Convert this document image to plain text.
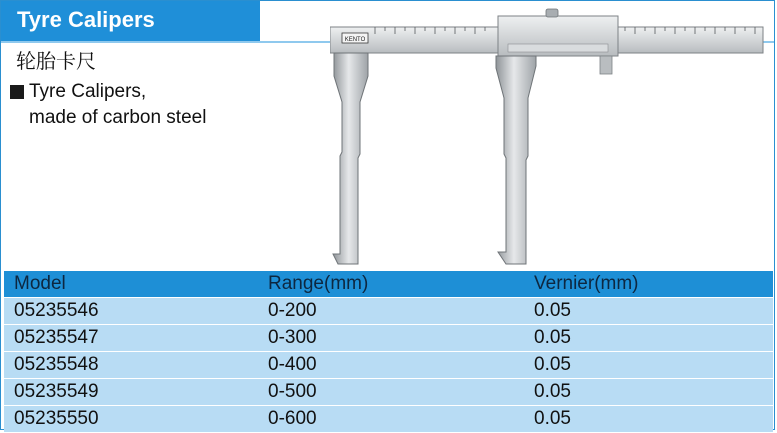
Tyre Calipers
轮胎卡尺
Tyre Calipers,
made of carbon steel
KENTO
Model	Range(mm)	Vernier(mm)
05235546	0-200	0.05
05235547	0-300	0.05
05235548	0-400	0.05
05235549	0-500	0.05
05235550	0-600	0.05
